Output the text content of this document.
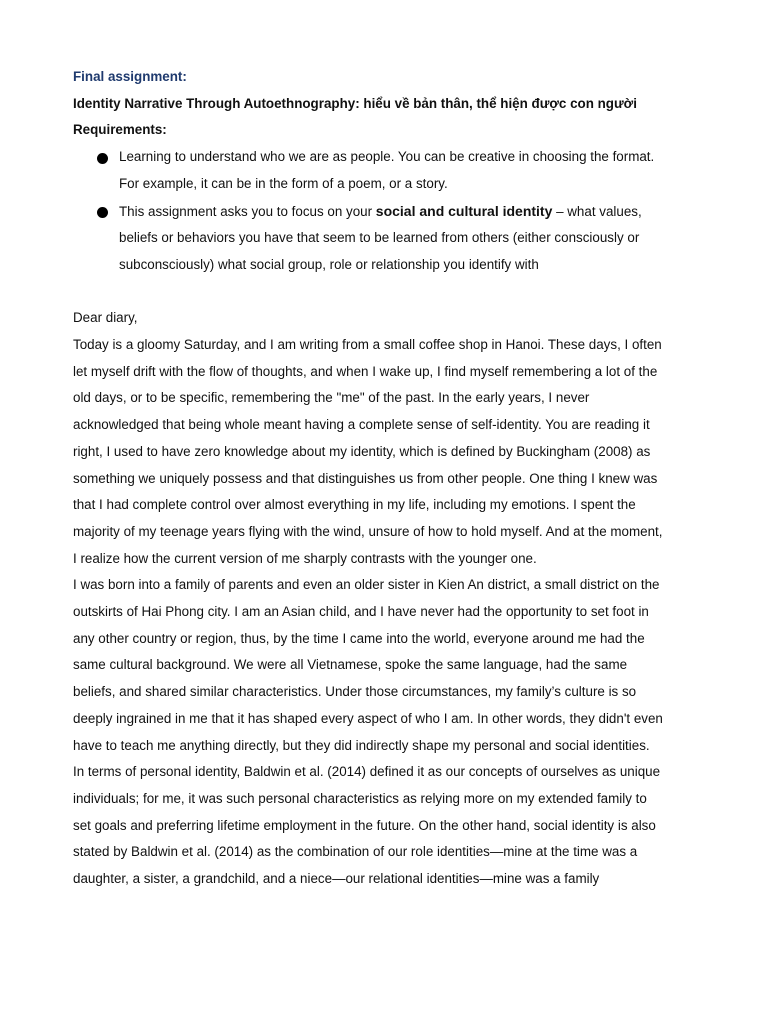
Final assignment:

Identity Narrative Through Autoethnography: hiểu về bản thân, thể hiện được con người

Requirements:

Learning to understand who we are as people. You can be creative in choosing the format. For example, it can be in the form of a poem, or a story.
This assignment asks you to focus on your social and cultural identity – what values, beliefs or behaviors you have that seem to be learned from others (either consciously or subconsciously) what social group, role or relationship you identify with

Dear diary,

Today is a gloomy Saturday, and I am writing from a small coffee shop in Hanoi. These days, I often let myself drift with the flow of thoughts, and when I wake up, I find myself remembering a lot of the old days, or to be specific, remembering the "me" of the past. In the early years, I never acknowledged that being whole meant having a complete sense of self-identity. You are reading it right, I used to have zero knowledge about my identity, which is defined by Buckingham (2008) as something we uniquely possess and that distinguishes us from other people. One thing I knew was that I had complete control over almost everything in my life, including my emotions. I spent the majority of my teenage years flying with the wind, unsure of how to hold myself. And at the moment, I realize how the current version of me sharply contrasts with the younger one.

I was born into a family of parents and even an older sister in Kien An district, a small district on the outskirts of Hai Phong city. I am an Asian child, and I have never had the opportunity to set foot in any other country or region, thus, by the time I came into the world, everyone around me had the same cultural background. We were all Vietnamese, spoke the same language, had the same beliefs, and shared similar characteristics. Under those circumstances, my family’s culture is so deeply ingrained in me that it has shaped every aspect of who I am. In other words, they didn't even have to teach me anything directly, but they did indirectly shape my personal and social identities. In terms of personal identity, Baldwin et al. (2014) defined it as our concepts of ourselves as unique individuals; for me, it was such personal characteristics as relying more on my extended family to set goals and preferring lifetime employment in the future. On the other hand, social identity is also stated by Baldwin et al. (2014) as the combination of our role identities—mine at the time was a daughter, a sister, a grandchild, and a niece—our relational identities—mine was a family
